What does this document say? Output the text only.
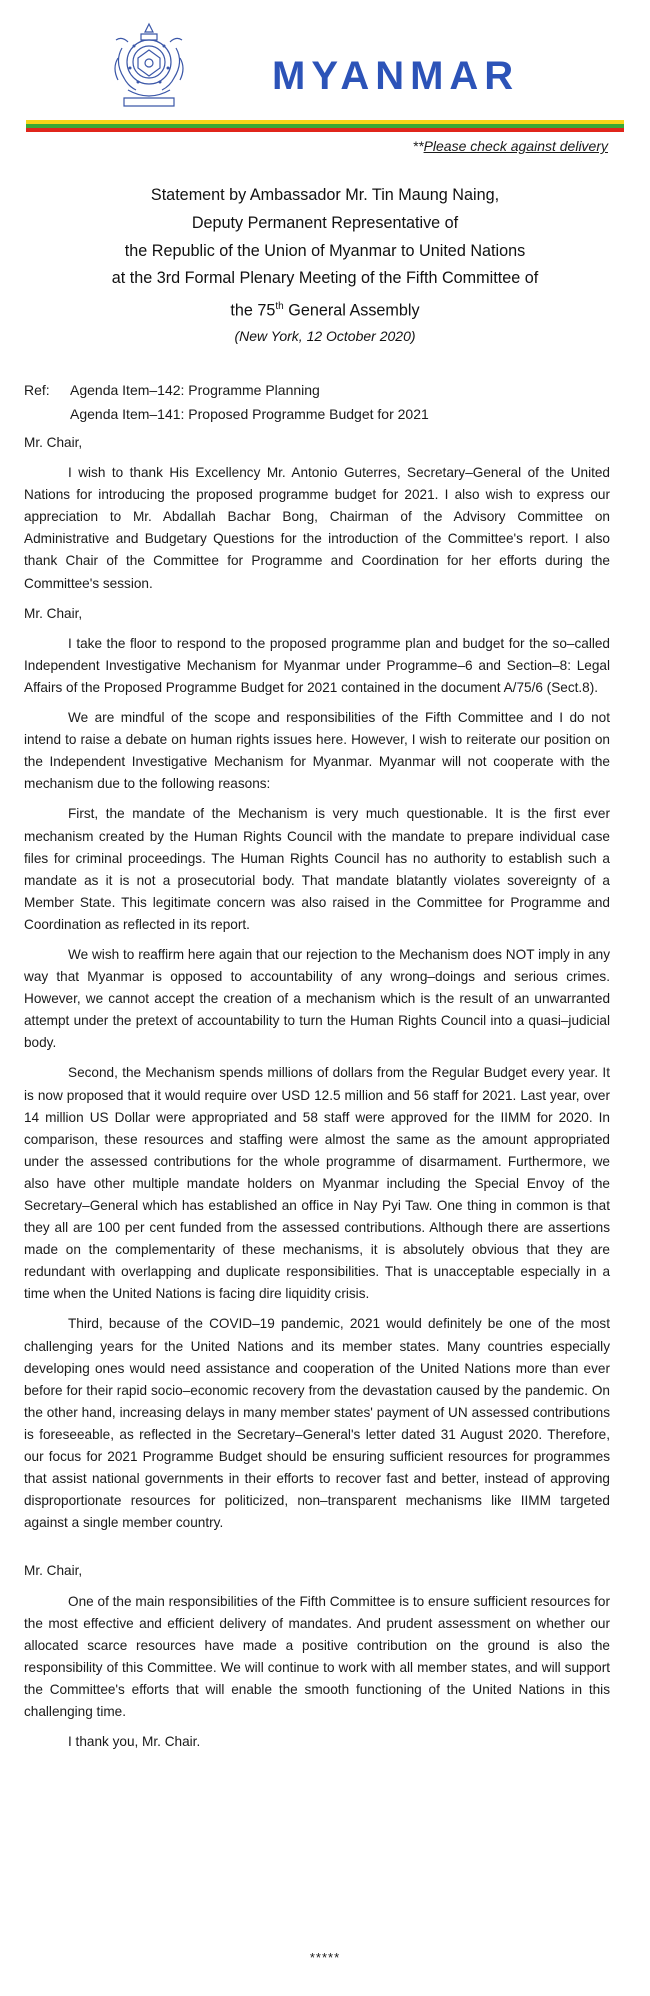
MYANMAR
**Please check against delivery
Statement by Ambassador Mr. Tin Maung Naing,
Deputy Permanent Representative of
the Republic of the Union of Myanmar to United Nations
at the 3rd Formal Plenary Meeting of the Fifth Committee of
the 75th General Assembly
(New York, 12 October 2020)
Ref: Agenda Item–142: Programme Planning
Agenda Item–141: Proposed Programme Budget for 2021

Mr. Chair,

I wish to thank His Excellency Mr. Antonio Guterres, Secretary–General of the United Nations for introducing the proposed programme budget for 2021. I also wish to express our appreciation to Mr. Abdallah Bachar Bong, Chairman of the Advisory Committee on Administrative and Budgetary Questions for the introduction of the Committee's report. I also thank Chair of the Committee for Programme and Coordination for her efforts during the Committee's session.

Mr. Chair,

I take the floor to respond to the proposed programme plan and budget for the so–called Independent Investigative Mechanism for Myanmar under Programme–6 and Section–8: Legal Affairs of the Proposed Programme Budget for 2021 contained in the document A/75/6 (Sect.8).

We are mindful of the scope and responsibilities of the Fifth Committee and I do not intend to raise a debate on human rights issues here. However, I wish to reiterate our position on the Independent Investigative Mechanism for Myanmar. Myanmar will not cooperate with the mechanism due to the following reasons:

First, the mandate of the Mechanism is very much questionable. It is the first ever mechanism created by the Human Rights Council with the mandate to prepare individual case files for criminal proceedings. The Human Rights Council has no authority to establish such a mandate as it is not a prosecutorial body. That mandate blatantly violates sovereignty of a Member State. This legitimate concern was also raised in the Committee for Programme and Coordination as reflected in its report.

We wish to reaffirm here again that our rejection to the Mechanism does NOT imply in any way that Myanmar is opposed to accountability of any wrong–doings and serious crimes. However, we cannot accept the creation of a mechanism which is the result of an unwarranted attempt under the pretext of accountability to turn the Human Rights Council into a quasi–judicial body.

Second, the Mechanism spends millions of dollars from the Regular Budget every year. It is now proposed that it would require over USD 12.5 million and 56 staff for 2021. Last year, over 14 million US Dollar were appropriated and 58 staff were approved for the IIMM for 2020. In comparison, these resources and staffing were almost the same as the amount appropriated under the assessed contributions for the whole programme of disarmament. Furthermore, we also have other multiple mandate holders on Myanmar including the Special Envoy of the Secretary–General which has established an office in Nay Pyi Taw. One thing in common is that they all are 100 per cent funded from the assessed contributions. Although there are assertions made on the complementarity of these mechanisms, it is absolutely obvious that they are redundant with overlapping and duplicate responsibilities. That is unacceptable especially in a time when the United Nations is facing dire liquidity crisis.

Third, because of the COVID–19 pandemic, 2021 would definitely be one of the most challenging years for the United Nations and its member states. Many countries especially developing ones would need assistance and cooperation of the United Nations more than ever before for their rapid socio–economic recovery from the devastation caused by the pandemic. On the other hand, increasing delays in many member states' payment of UN assessed contributions is foreseeable, as reflected in the Secretary–General's letter dated 31 August 2020. Therefore, our focus for 2021 Programme Budget should be ensuring sufficient resources for programmes that assist national governments in their efforts to recover fast and better, instead of approving disproportionate resources for politicized, non–transparent mechanisms like IIMM targeted against a single member country.

Mr. Chair,

One of the main responsibilities of the Fifth Committee is to ensure sufficient resources for the most effective and efficient delivery of mandates. And prudent assessment on whether our allocated scarce resources have made a positive contribution on the ground is also the responsibility of this Committee. We will continue to work with all member states, and will support the Committee's efforts that will enable the smooth functioning of the United Nations in this challenging time.

I thank you, Mr. Chair.

*****
